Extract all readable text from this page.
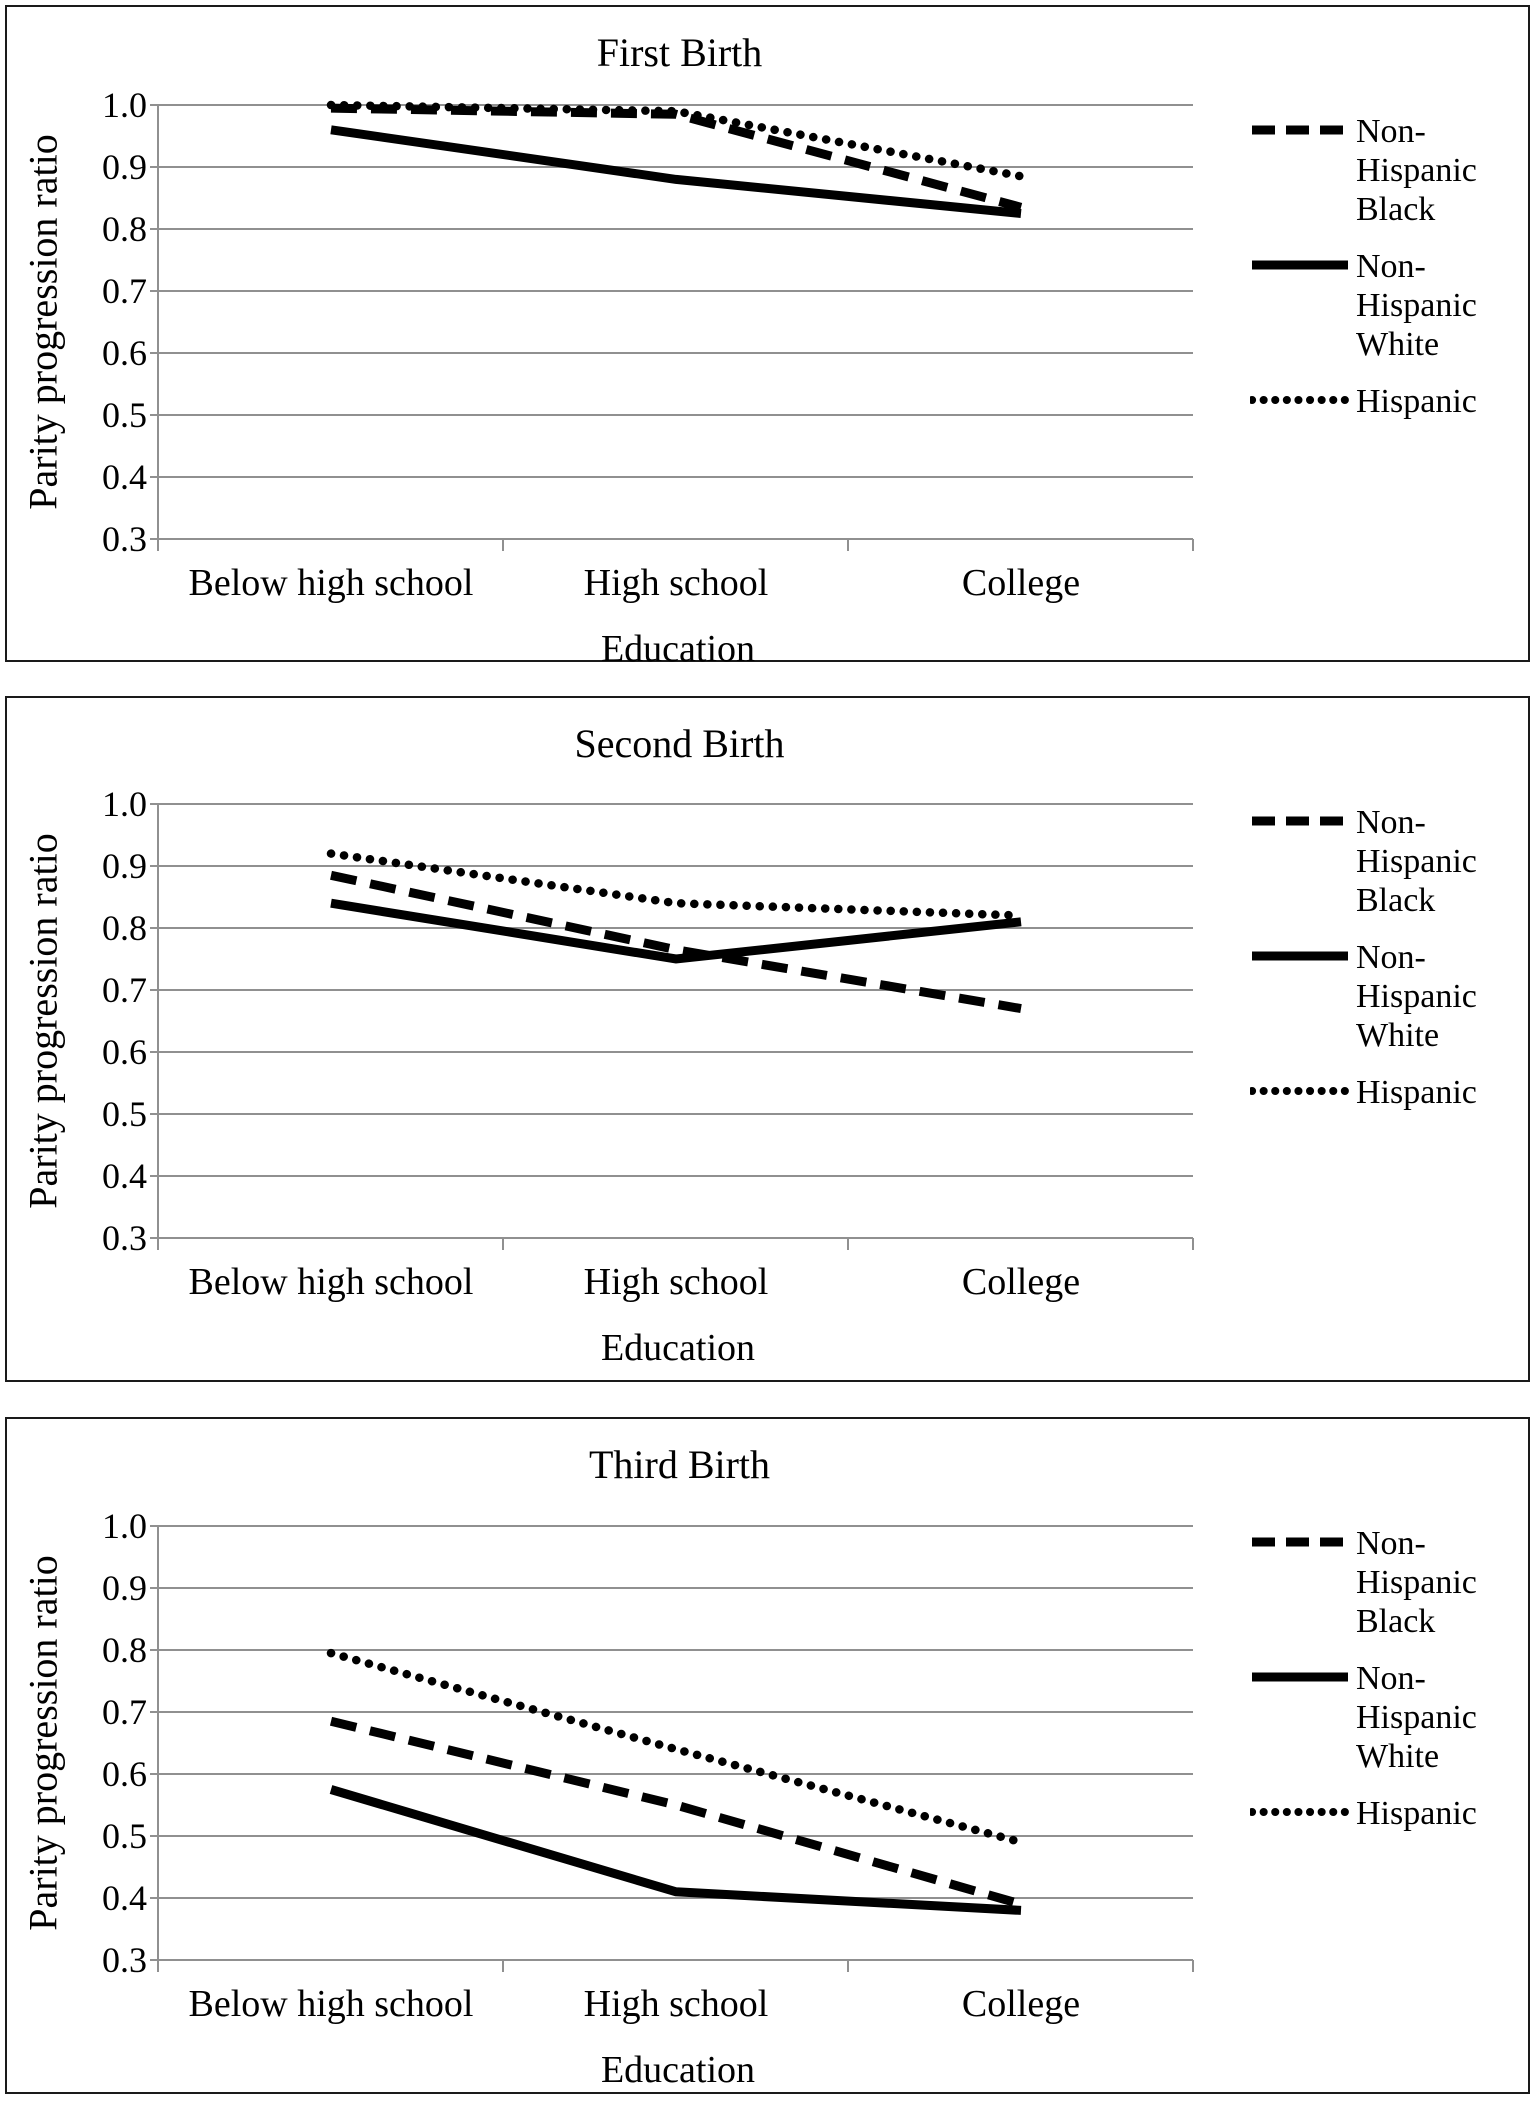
First Birth
Parity progression ratio
Education
1.0
0.9
0.8
0.7
0.6
0.5
0.4
0.3
Below high school	High school	College
Non-Hispanic Black
Non-Hispanic White
Hispanic
Second Birth
Parity progression ratio
Education
1.0
0.9
0.8
0.7
0.6
0.5
0.4
0.3
Below high school	High school	College
Non-Hispanic Black
Non-Hispanic White
Hispanic
Third Birth
Parity progression ratio
Education
1.0
0.9
0.8
0.7
0.6
0.5
0.4
0.3
Below high school	High school	College
Non-Hispanic Black
Non-Hispanic White
Hispanic
